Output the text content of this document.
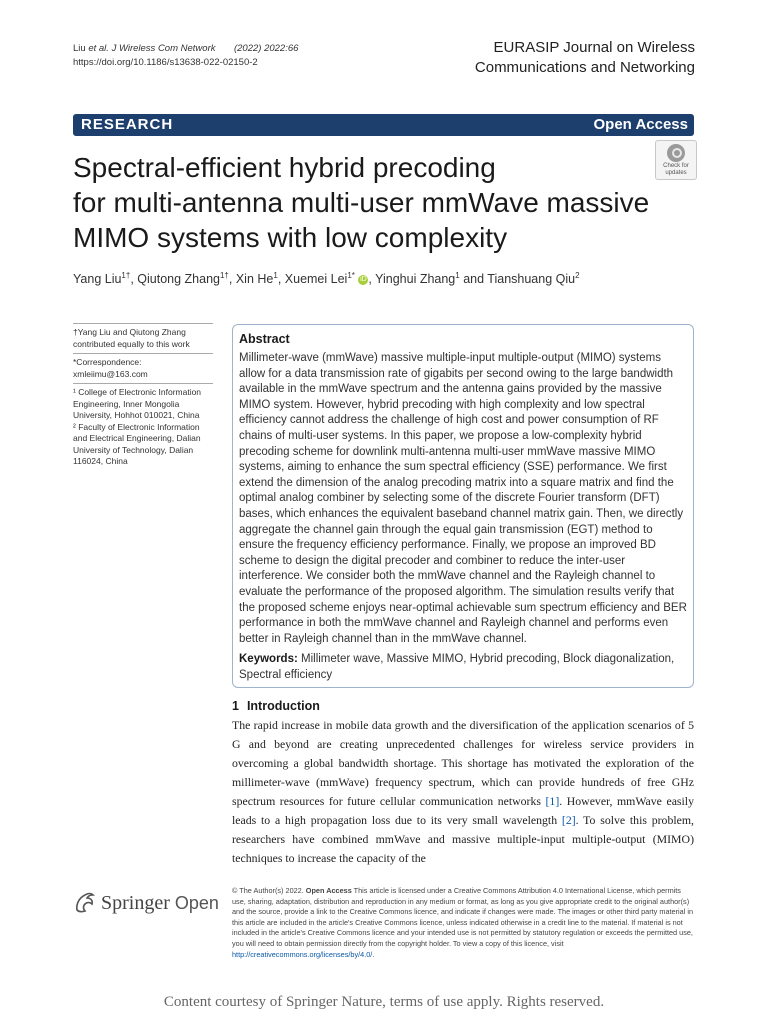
Liu et al. J Wireless Com Network (2022) 2022:66
https://doi.org/10.1186/s13638-022-02150-2
EURASIP Journal on Wireless
Communications and Networking
RESEARCH	Open Access
Spectral-efficient hybrid precoding
for multi-antenna multi-user mmWave massive
MIMO systems with low complexity
Check for
updates
Yang Liu$^{1\dagger}$, Qiutong Zhang$^{1\dagger}$, Xin He$^1$, Xuemei Lei$^{1*}$ iD , Yinghui Zhang$^1$ and Tianshuang Qiu$^2$
†Yang Liu and Qiutong Zhang contributed equally to this work
*Correspondence:
xmleiimu@163.com
¹ College of Electronic Information Engineering, Inner Mongolia University, Hohhot 010021, China
² Faculty of Electronic Information and Electrical Engineering, Dalian University of Technology, Dalian 116024, China
Abstract
Millimeter-wave (mmWave) massive multiple-input multiple-output (MIMO) systems allow for a data transmission rate of gigabits per second owing to the large bandwidth available in the mmWave spectrum and the antenna gains provided by the massive MIMO system. However, hybrid precoding with high complexity and low spectral efficiency cannot address the challenge of high cost and power consumption of RF chains of multi-user systems. In this paper, we propose a low-complexity hybrid precoding scheme for downlink multi-antenna multi-user mmWave massive MIMO systems, aiming to enhance the sum spectral efficiency (SSE) performance. We first extend the dimension of the analog precoding matrix into a square matrix and find the optimal analog combiner by selecting some of the discrete Fourier transform (DFT) bases, which enhances the equivalent baseband channel matrix gain. Then, we directly aggregate the channel gain through the equal gain transmission (EGT) method to ensure the frequency efficiency performance. Finally, we propose an improved BD scheme to design the digital precoder and combiner to reduce the inter-user interference. We consider both the mmWave channel and the Rayleigh channel to evaluate the performance of the proposed algorithm. The simulation results verify that the proposed scheme enjoys near-optimal achievable sum spectrum efficiency and BER performance in both the mmWave channel and Rayleigh channel and performs even better in Rayleigh channel than in the mmWave channel.
Keywords: Millimeter wave, Massive MIMO, Hybrid precoding, Block diagonalization, Spectral efficiency
1 Introduction
The rapid increase in mobile data growth and the diversification of the application scenarios of 5 G and beyond are creating unprecedented challenges for wireless service providers in overcoming a global bandwidth shortage. This shortage has motivated the exploration of the millimeter-wave (mmWave) frequency spectrum, which can provide hundreds of free GHz spectrum resources for future cellular communication networks [1]. However, mmWave easily leads to a high propagation loss due to its very small wavelength [2]. To solve this problem, researchers have combined mmWave and massive multiple-input multiple-output (MIMO) techniques to increase the capacity of the
Springer Open
© The Author(s) 2022. Open Access This article is licensed under a Creative Commons Attribution 4.0 International License, which permits use, sharing, adaptation, distribution and reproduction in any medium or format, as long as you give appropriate credit to the original author(s) and the source, provide a link to the Creative Commons licence, and indicate if changes were made. The images or other third party material in this article are included in the article's Creative Commons licence, unless indicated otherwise in a credit line to the material. If material is not included in the article's Creative Commons licence and your intended use is not permitted by statutory regulation or exceeds the permitted use, you will need to obtain permission directly from the copyright holder. To view a copy of this licence, visit http://creativecommons.org/licenses/by/4.0/.
Content courtesy of Springer Nature, terms of use apply. Rights reserved.
